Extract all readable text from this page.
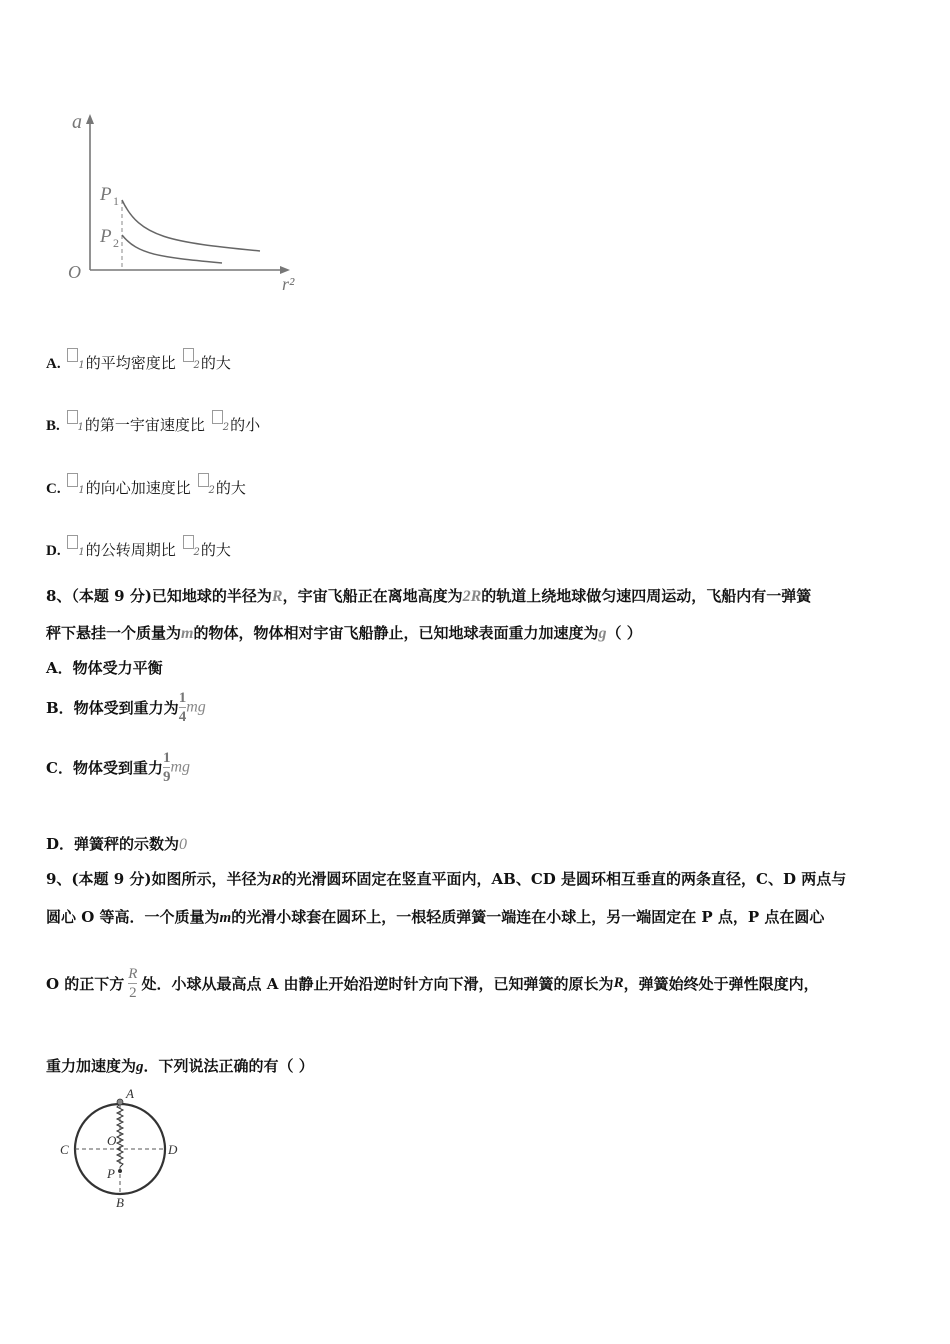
a
r²
O
P 1
P 2
A. 1的平均密度比 2的大
B. 1的第一宇宙速度比 2的小
C. 1的向心加速度比 2的大
D. 1的公转周期比 2的大
8、（本题 9 分)已知地球的半径为R，宇宙飞船正在离地高度为2R的轨道上绕地球做匀速四周运动，飞船内有一弹簧
秤下悬挂一个质量为m的物体，物体相对宇宙飞船静止，已知地球表面重力加速度为g（ ）
A．物体受力平衡
B．物体受到重力为 $\frac{1}{4}$ mg
C．物体受到重力 $\frac{1}{9}$ mg
D．弹簧秤的示数为0
9、(本题 9 分)如图所示，半径为R的光滑圆环固定在竖直平面内，AB、CD 是圆环相互垂直的两条直径，C、D 两点与
圆心 O 等高．一个质量为m的光滑小球套在圆环上，一根轻质弹簧一端连在小球上，另一端固定在 P 点，P 点在圆心
O 的正下方 $\frac{R}{2}$ 处．小球从最高点 A 由静止开始沿逆时针方向下滑，已知弹簧的原长为R，弹簧始终处于弹性限度内，
重力加速度为g．下列说法正确的有（ ）
A
B
C	D
O
P
